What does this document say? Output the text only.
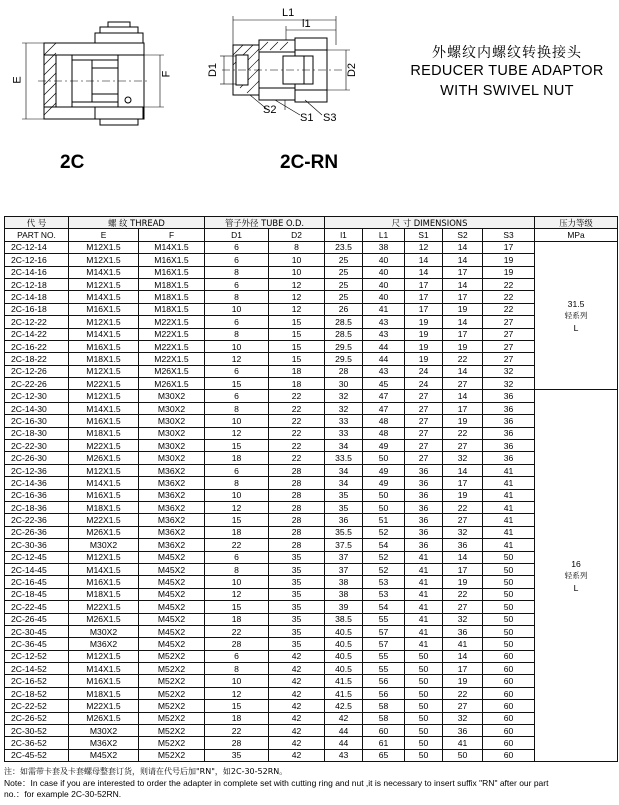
E
F
L1
l1
D1	D2
S2
S1 S3
外螺纹内螺纹转换接头
REDUCER TUBE ADAPTOR
WITH SWIVEL NUT
2C	2C-RN
代 号	螺 纹 THREAD		管子外径 TUBE O.D.		尺 寸 DIMENSIONS					压力等级
PART NO.	E	F	D1	D2	l1	L1	S1	S2	S3	MPa
2C-12-14	M12X1.5	M14X1.5	6	8	23.5	38	12	14	17	31.5
轻系列
L

2C-12-16	M12X1.5	M16X1.5	6	10	25	40	14	14	19	
2C-14-16	M14X1.5	M16X1.5	8	10	25	40	14	17	19	
2C-12-18	M12X1.5	M18X1.5	6	12	25	40	17	14	22	
2C-14-18	M14X1.5	M18X1.5	8	12	25	40	17	17	22	
2C-16-18	M16X1.5	M18X1.5	10	12	26	41	17	19	22	
2C-12-22	M12X1.5	M22X1.5	6	15	28.5	43	19	14	27	
2C-14-22	M14X1.5	M22X1.5	8	15	28.5	43	19	17	27	
2C-16-22	M16X1.5	M22X1.5	10	15	29.5	44	19	19	27	
2C-18-22	M18X1.5	M22X1.5	12	15	29.5	44	19	22	27	
2C-12-26	M12X1.5	M26X1.5	6	18	28	43	24	14	32	
2C-22-26	M22X1.5	M26X1.5	15	18	30	45	24	27	32	
2C-12-30	M12X1.5	M30X2	6	22	32	47	27	14	36	16
轻系列
L

2C-14-30	M14X1.5	M30X2	8	22	32	47	27	17	36	
2C-16-30	M16X1.5	M30X2	10	22	33	48	27	19	36	
2C-18-30	M18X1.5	M30X2	12	22	33	48	27	22	36	
2C-22-30	M22X1.5	M30X2	15	22	34	49	27	27	36	
2C-26-30	M26X1.5	M30X2	18	22	33.5	50	27	32	36	
2C-12-36	M12X1.5	M36X2	6	28	34	49	36	14	41	
2C-14-36	M14X1.5	M36X2	8	28	34	49	36	17	41	
2C-16-36	M16X1.5	M36X2	10	28	35	50	36	19	41	
2C-18-36	M18X1.5	M36X2	12	28	35	50	36	22	41	
2C-22-36	M22X1.5	M36X2	15	28	36	51	36	27	41	
2C-26-36	M26X1.5	M36X2	18	28	35.5	52	36	32	41	
2C-30-36	M30X2	M36X2	22	28	37.5	54	36	36	41	
2C-12-45	M12X1.5	M45X2	6	35	37	52	41	14	50	
2C-14-45	M14X1.5	M45X2	8	35	37	52	41	17	50	
2C-16-45	M16X1.5	M45X2	10	35	38	53	41	19	50	
2C-18-45	M18X1.5	M45X2	12	35	38	53	41	22	50	
2C-22-45	M22X1.5	M45X2	15	35	39	54	41	27	50	
2C-26-45	M26X1.5	M45X2	18	35	38.5	55	41	32	50	
2C-30-45	M30X2	M45X2	22	35	40.5	57	41	36	50	
2C-36-45	M36X2	M45X2	28	35	40.5	57	41	41	50	
2C-12-52	M12X1.5	M52X2	6	42	40.5	55	50	14	60	
2C-14-52	M14X1.5	M52X2	8	42	40.5	55	50	17	60	
2C-16-52	M16X1.5	M52X2	10	42	41.5	56	50	19	60	
2C-18-52	M18X1.5	M52X2	12	42	41.5	56	50	22	60	
2C-22-52	M22X1.5	M52X2	15	42	42.5	58	50	27	60	
2C-26-52	M26X1.5	M52X2	18	42	42	58	50	32	60	
2C-30-52	M30X2	M52X2	22	42	44	60	50	36	60	
2C-36-52	M36X2	M52X2	28	42	44	61	50	41	60	
2C-45-52	M45X2	M52X2	35	42	43	65	50	50	60	
注：如需带卡套及卡套螺母整套订货，则请在代号后加"RN"，如2C-30-52RN。
Note：In case if you are interested to order the adapter in complete set with cutting ring and nut ,it is necessary to insert suffix "RN" after our part
no.：for example 2C-30-52RN.
